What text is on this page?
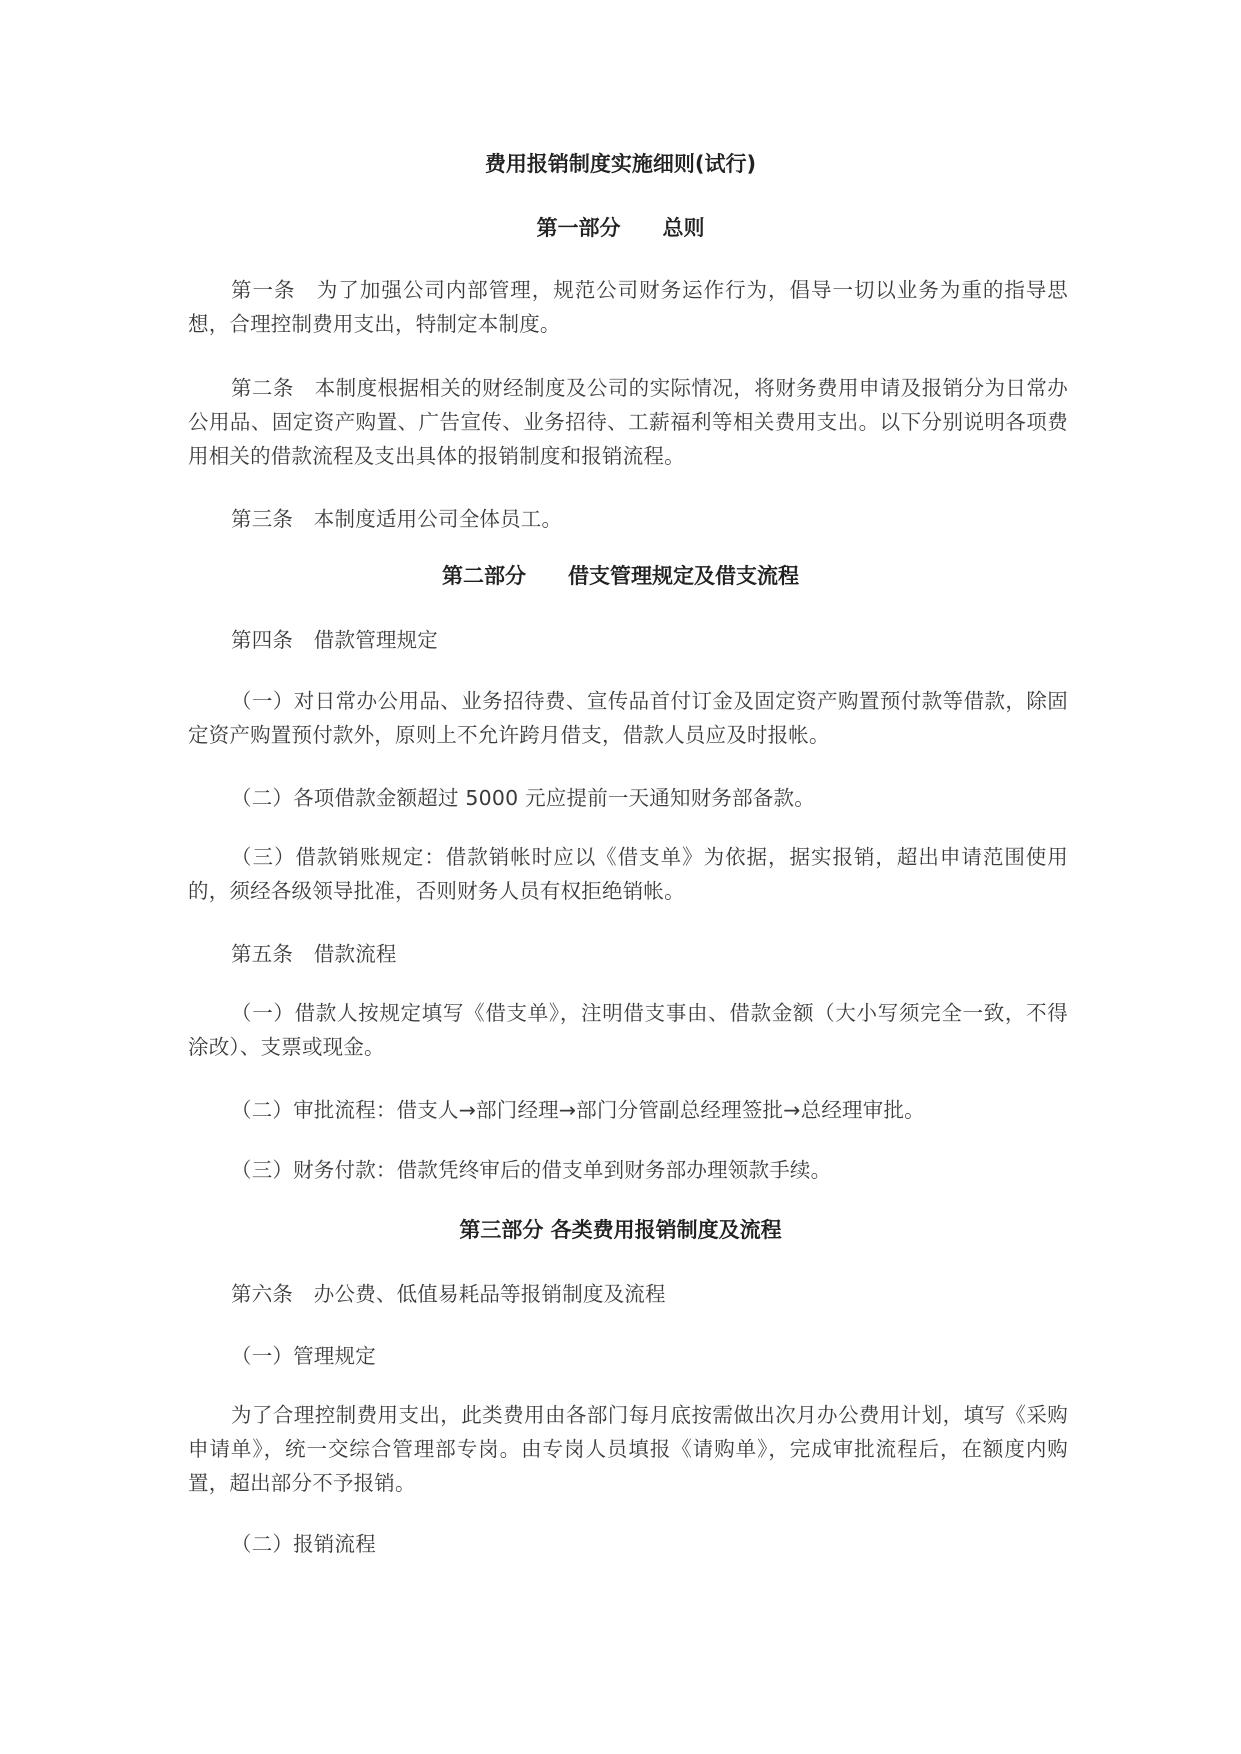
费用报销制度实施细则(试行)
第一部分　　总则

第一条　为了加强公司内部管理，规范公司财务运作行为，倡导一切以业务为重的指导思想，合理控制费用支出，特制定本制度。

第二条　本制度根据相关的财经制度及公司的实际情况，将财务费用申请及报销分为日常办公用品、固定资产购置、广告宣传、业务招待、工薪福利等相关费用支出。以下分别说明各项费用相关的借款流程及支出具体的报销制度和报销流程。

第三条　本制度适用公司全体员工。

第二部分　　借支管理规定及借支流程

第四条　借款管理规定

（一）对日常办公用品、业务招待费、宣传品首付订金及固定资产购置预付款等借款，除固定资产购置预付款外，原则上不允许跨月借支，借款人员应及时报帐。

（二）各项借款金额超过 5000 元应提前一天通知财务部备款。

（三）借款销账规定：借款销帐时应以《借支单》为依据，据实报销，超出申请范围使用的，须经各级领导批准，否则财务人员有权拒绝销帐。

第五条　借款流程

（一）借款人按规定填写《借支单》，注明借支事由、借款金额（大小写须完全一致，不得涂改）、支票或现金。

（二）审批流程：借支人→部门经理→部门分管副总经理签批→总经理审批。

（三）财务付款：借款凭终审后的借支单到财务部办理领款手续。

第三部分 各类费用报销制度及流程

第六条　办公费、低值易耗品等报销制度及流程

（一）管理规定

为了合理控制费用支出，此类费用由各部门每月底按需做出次月办公费用计划，填写《采购申请单》，统一交综合管理部专岗。由专岗人员填报《请购单》，完成审批流程后，在额度内购置，超出部分不予报销。

（二）报销流程
